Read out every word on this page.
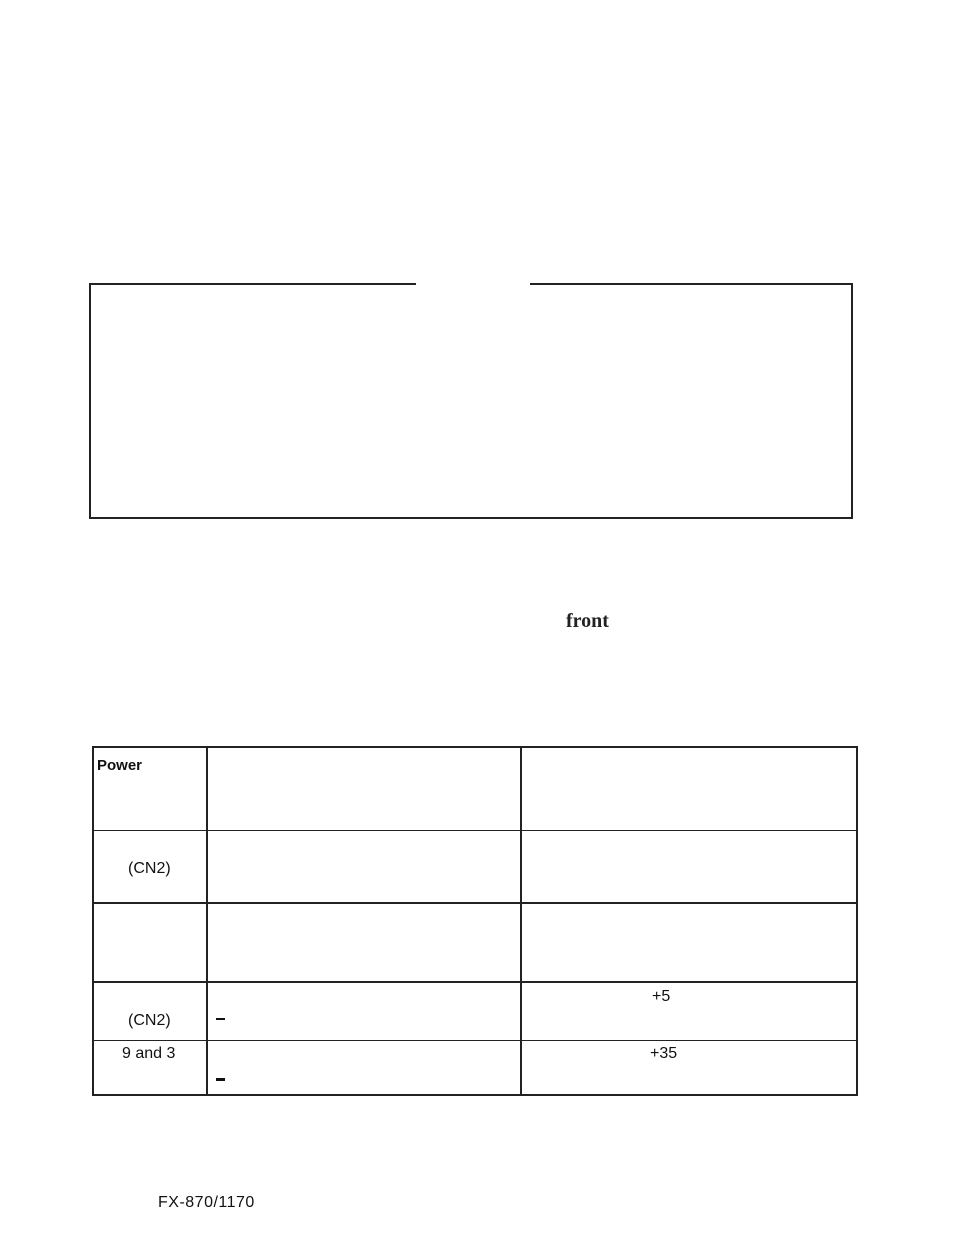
front
Power
(CN2)
(CN2)
9 and 3
+5
+35
FX-870/1170
